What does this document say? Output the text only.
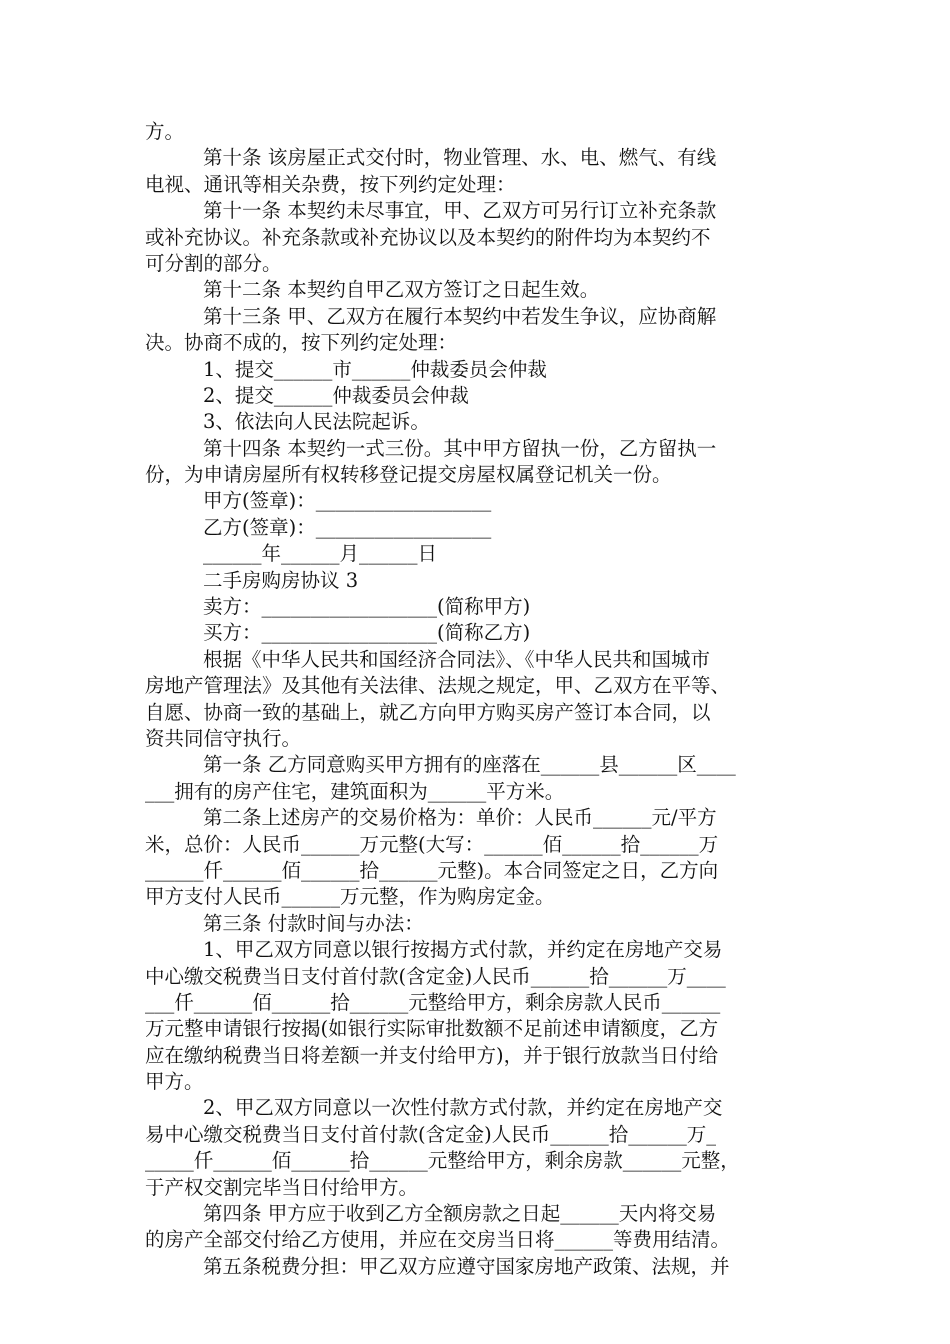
方。
第十条 该房屋正式交付时，物业管理、水、电、燃气、有线
电视、通讯等相关杂费，按下列约定处理：
第十一条 本契约未尽事宜，甲、乙双方可另行订立补充条款
或补充协议。补充条款或补充协议以及本契约的附件均为本契约不
可分割的部分。
第十二条 本契约自甲乙双方签订之日起生效。
第十三条 甲、乙双方在履行本契约中若发生争议，应协商解
决。协商不成的，按下列约定处理：
1、提交______市______仲裁委员会仲裁
2、提交______仲裁委员会仲裁
3、依法向人民法院起诉。
第十四条 本契约一式三份。其中甲方留执一份，乙方留执一
份，为申请房屋所有权转移登记提交房屋权属登记机关一份。
甲方(签章)：__________________
乙方(签章)：__________________
______年______月______日
二手房购房协议 3
卖方：__________________(简称甲方)
买方：__________________(简称乙方)
根据《中华人民共和国经济合同法》、《中华人民共和国城市
房地产管理法》及其他有关法律、法规之规定，甲、乙双方在平等、
自愿、协商一致的基础上，就乙方向甲方购买房产签订本合同，以
资共同信守执行。
第一条 乙方同意购买甲方拥有的座落在______县______区____
___拥有的房产住宅，建筑面积为______平方米。
第二条上述房产的交易价格为：单价：人民币______元/平方
米，总价：人民币______万元整(大写：______佰______拾______万
______仟______佰______拾______元整)。本合同签定之日，乙方向
甲方支付人民币______万元整，作为购房定金。
第三条 付款时间与办法：
1、甲乙双方同意以银行按揭方式付款，并约定在房地产交易
中心缴交税费当日支付首付款(含定金)人民币______拾______万____
___仟______佰______拾______元整给甲方，剩余房款人民币______
万元整申请银行按揭(如银行实际审批数额不足前述申请额度，乙方
应在缴纳税费当日将差额一并支付给甲方)，并于银行放款当日付给
甲方。
2、甲乙双方同意以一次性付款方式付款，并约定在房地产交
易中心缴交税费当日支付首付款(含定金)人民币______拾______万_
_____仟______佰______拾______元整给甲方，剩余房款______元整，
于产权交割完毕当日付给甲方。
第四条 甲方应于收到乙方全额房款之日起______天内将交易
的房产全部交付给乙方使用，并应在交房当日将______等费用结清。
第五条税费分担：甲乙双方应遵守国家房地产政策、法规，并
